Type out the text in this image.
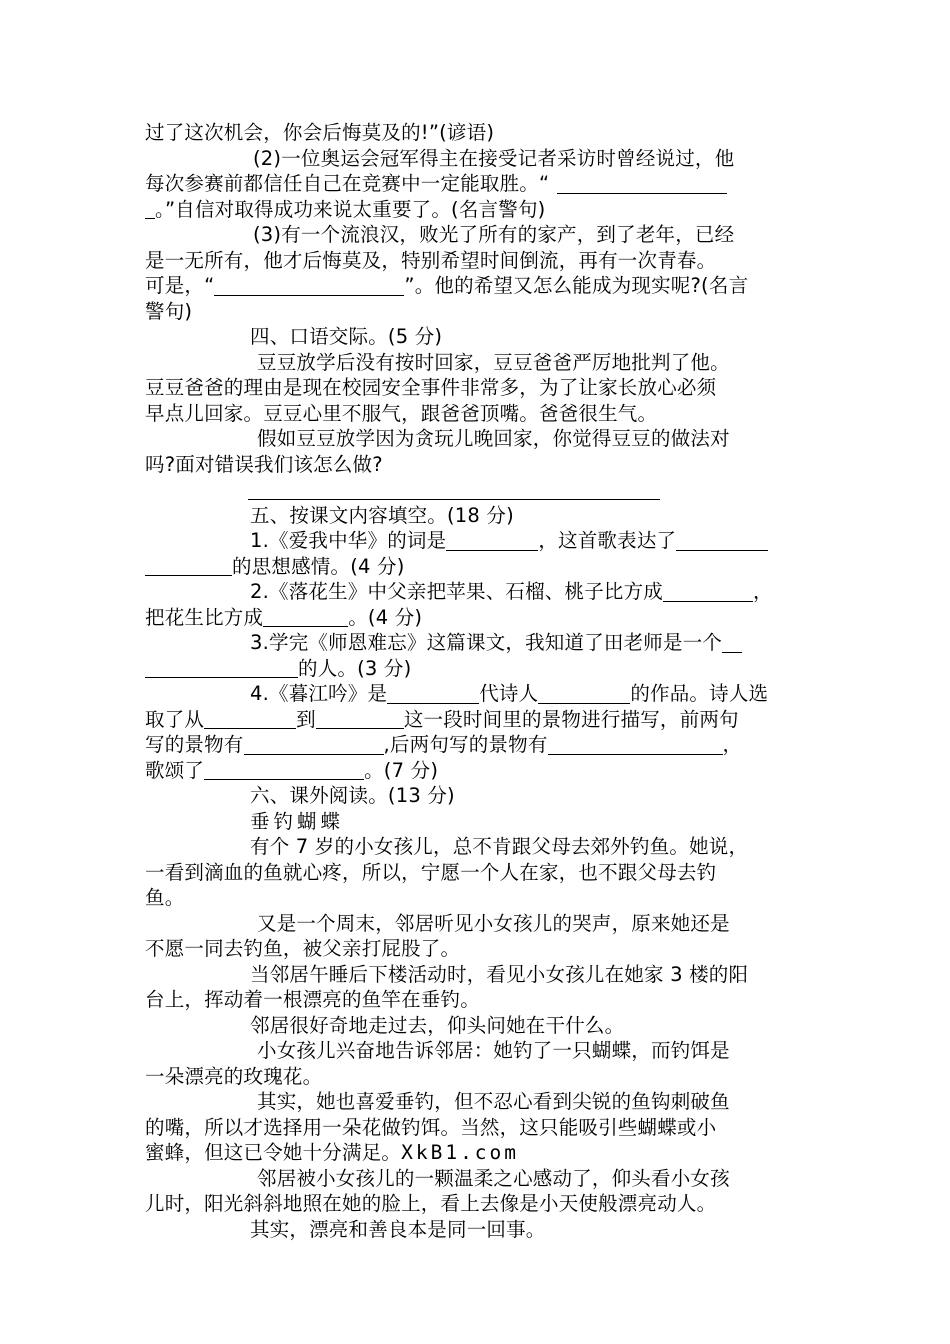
过了这次机会，你会后悔莫及的!”(谚语)
(2)一位奥运会冠军得主在接受记者采访时曾经说过，他
每次参赛前都信任自己在竞赛中一定能取胜。“
。”自信对取得成功来说太重要了。(名言警句)
(3)有一个流浪汉，败光了所有的家产，到了老年，已经
是一无所有，他才后悔莫及，特别希望时间倒流，再有一次青春。
可是，“	”。他的希望又怎么能成为现实呢?(名言
警句)
四、口语交际。(5 分)
豆豆放学后没有按时回家，豆豆爸爸严厉地批判了他。
豆豆爸爸的理由是现在校园安全事件非常多，为了让家长放心必须
早点儿回家。豆豆心里不服气，跟爸爸顶嘴。爸爸很生气。
假如豆豆放学因为贪玩儿晚回家，你觉得豆豆的做法对
吗?面对错误我们该怎么做?
五、按课文内容填空。(18 分)
1.《爱我中华》的词是	，这首歌表达了
的思想感情。(4 分)
2.《落花生》中父亲把苹果、石榴、桃子比方成	，
把花生比方成	。(4 分)
3.学完《师恩难忘》这篇课文，我知道了田老师是一个
的人。(3 分)
4.《暮江吟》是	代诗人	的作品。诗人选
取了从	到	这一段时间里的景物进行描写，前两句
写的景物有	,后两句写的景物有	，
歌颂了	。(7 分)
六、课外阅读。(13 分)
垂钓蝴蝶
有个 7 岁的小女孩儿，总不肯跟父母去郊外钓鱼。她说，
一看到滴血的鱼就心疼，所以，宁愿一个人在家，也不跟父母去钓
鱼。
又是一个周末，邻居听见小女孩儿的哭声，原来她还是
不愿一同去钓鱼，被父亲打屁股了。
当邻居午睡后下楼活动时，看见小女孩儿在她家 3 楼的阳
台上，挥动着一根漂亮的鱼竿在垂钓。
邻居很好奇地走过去，仰头问她在干什么。
小女孩儿兴奋地告诉邻居：她钓了一只蝴蝶，而钓饵是
一朵漂亮的玫瑰花。
其实，她也喜爱垂钓，但不忍心看到尖锐的鱼钩刺破鱼
的嘴，所以才选择用一朵花做钓饵。当然，这只能吸引些蝴蝶或小
蜜蜂，但这已令她十分满足。 XkB1.com
邻居被小女孩儿的一颗温柔之心感动了，仰头看小女孩
儿时，阳光斜斜地照在她的脸上，看上去像是小天使般漂亮动人。
其实，漂亮和善良本是同一回事。
